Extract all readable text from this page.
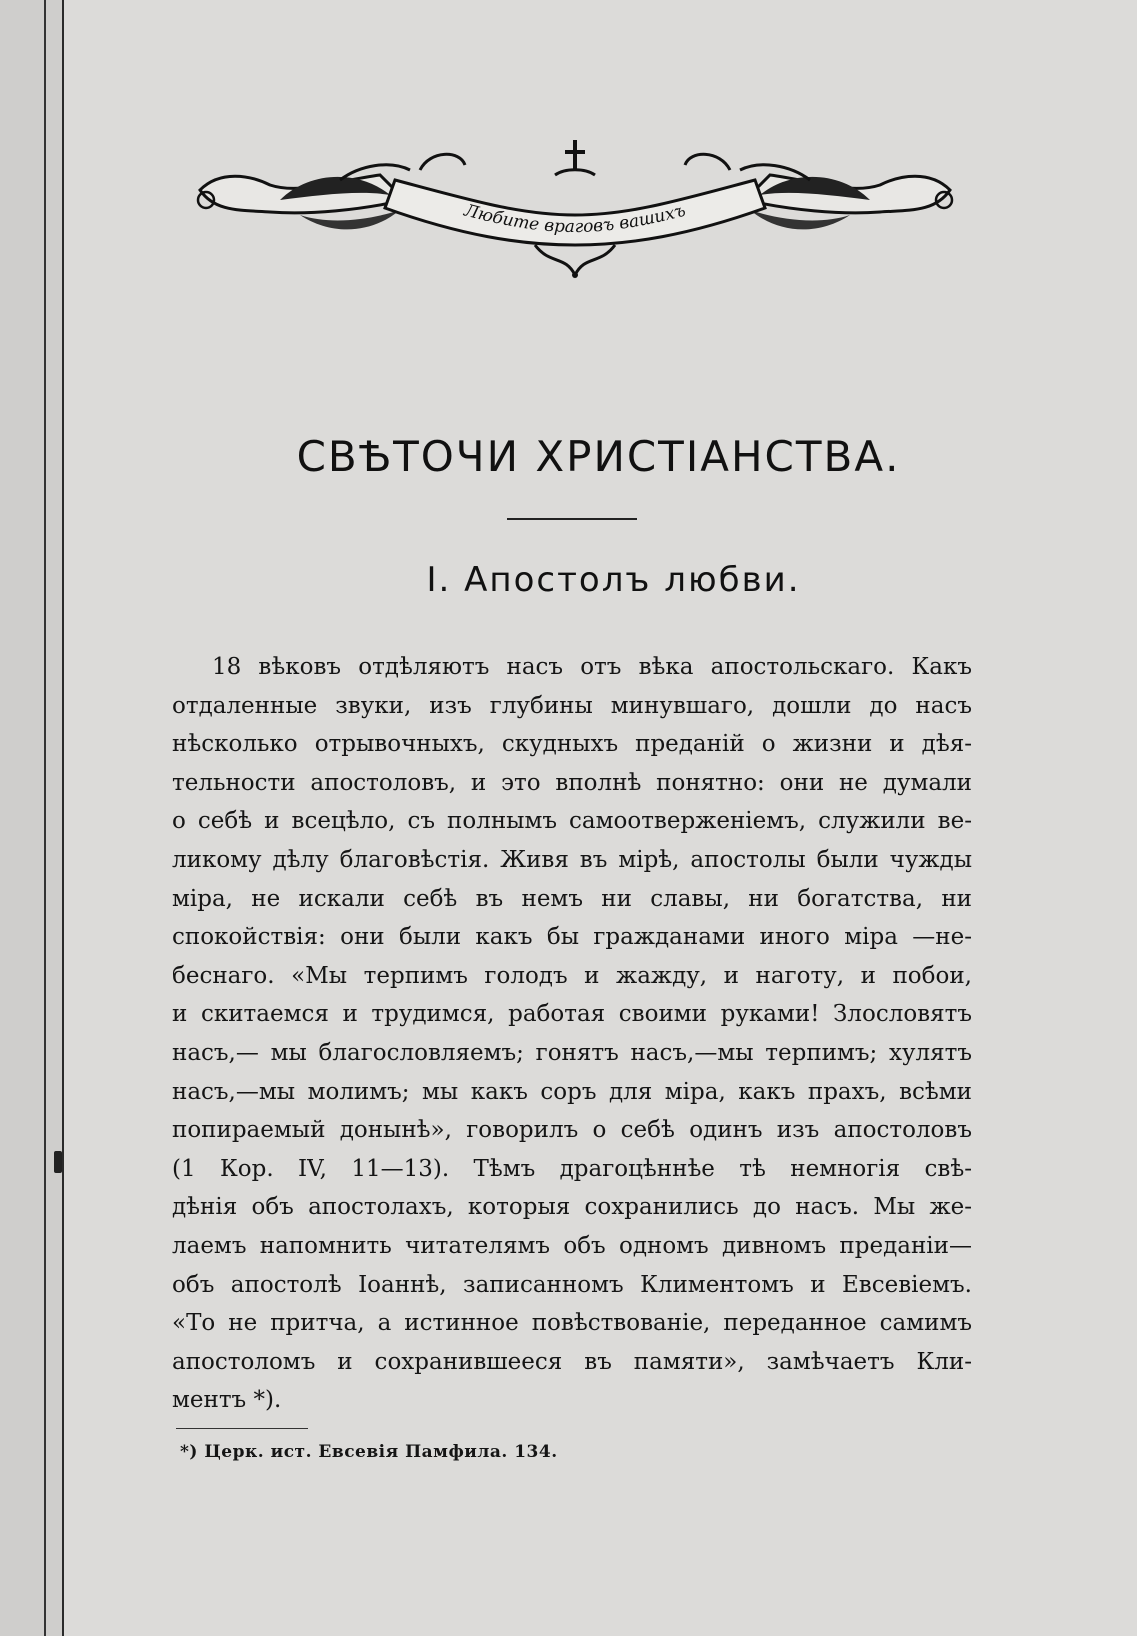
Любите враговъ вашихъ
СВѢТОЧИ ХРИСТІАНСТВА.
I. Апостолъ любви.
18 вѣковъ отдѣляютъ насъ отъ вѣка апостольскаго. Какъ
отдаленные звуки, изъ глубины минувшаго, дошли до насъ
нѣсколько отрывочныхъ, скудныхъ преданій о жизни и дѣя-
тельности апостоловъ, и это вполнѣ понятно: они не думали
о себѣ и всецѣло, съ полнымъ самоотверженіемъ, служили ве-
ликому дѣлу благовѣстія. Живя въ мірѣ, апостолы были чужды
міра, не искали себѣ въ немъ ни славы, ни богатства, ни
спокойствія: они были какъ бы гражданами иного міра —не-
беснаго. «Мы терпимъ голодъ и жажду, и наготу, и побои,
и скитаемся и трудимся, работая своими руками! Злословятъ
насъ,— мы благословляемъ; гонятъ насъ,—мы терпимъ; хулятъ
насъ,—мы молимъ; мы какъ соръ для міра, какъ прахъ, всѣми
попираемый донынѣ», говорилъ о себѣ одинъ изъ апостоловъ
(1 Кор. IV, 11—13). Тѣмъ драгоцѣннѣе тѣ немногія свѣ-
дѣнія объ апостолахъ, которыя сохранились до насъ. Мы же-
лаемъ напомнить читателямъ объ одномъ дивномъ преданіи—
объ апостолѣ Іоаннѣ, записанномъ Климентомъ и Евсевіемъ.
«То не притча, а истинное повѣствованіе, переданное самимъ
апостоломъ и сохранившееся въ памяти», замѣчаетъ Кли-
ментъ *).
*) Церк. ист. Евсевія Памфила. 134.
